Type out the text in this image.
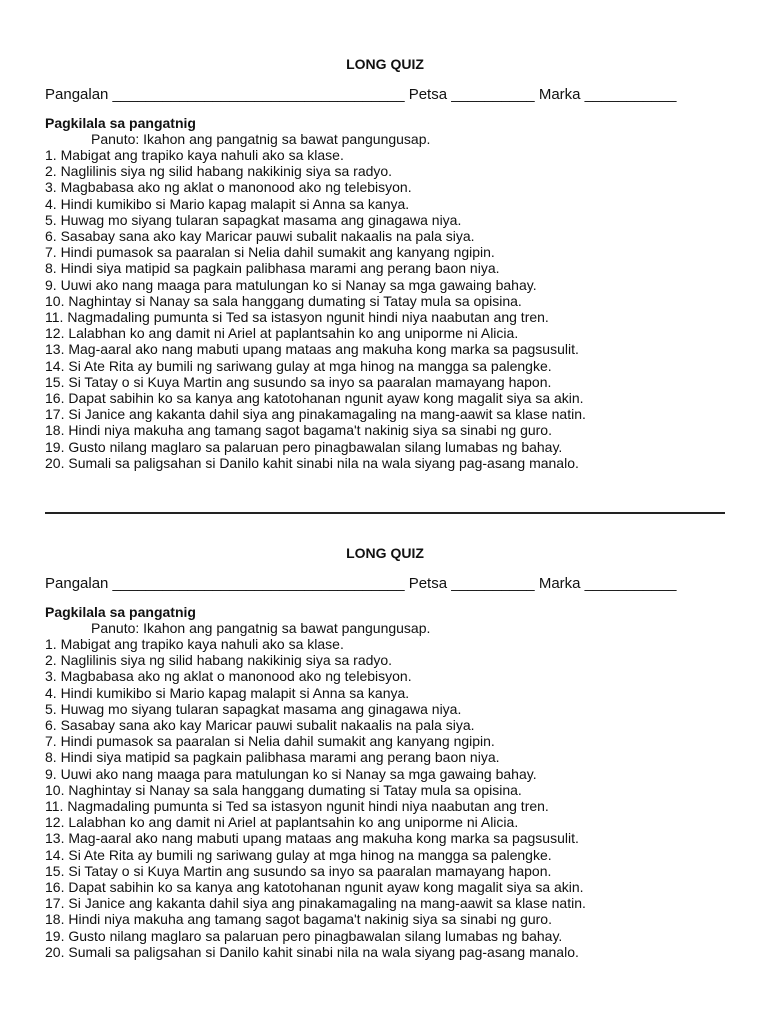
LONG QUIZ
Pangalan ___________________________________ Petsa __________ Marka ___________
Pagkilala sa pangatnig
Panuto: Ikahon ang pangatnig sa bawat pangungusap.
1. Mabigat ang trapiko kaya nahuli ako sa klase.
2. Naglilinis siya ng silid habang nakikinig siya sa radyo.
3. Magbabasa ako ng aklat o manonood ako ng telebisyon.
4. Hindi kumikibo si Mario kapag malapit si Anna sa kanya.
5. Huwag mo siyang tularan sapagkat masama ang ginagawa niya.
6. Sasabay sana ako kay Maricar pauwi subalit nakaalis na pala siya.
7. Hindi pumasok sa paaralan si Nelia dahil sumakit ang kanyang ngipin.
8. Hindi siya matipid sa pagkain palibhasa marami ang perang baon niya.
9. Uuwi ako nang maaga para matulungan ko si Nanay sa mga gawaing bahay.
10. Naghintay si Nanay sa sala hanggang dumating si Tatay mula sa opisina.
11. Nagmadaling pumunta si Ted sa istasyon ngunit hindi niya naabutan ang tren.
12. Lalabhan ko ang damit ni Ariel at paplantsahin ko ang uniporme ni Alicia.
13. Mag-aaral ako nang mabuti upang mataas ang makuha kong marka sa pagsusulit.
14. Si Ate Rita ay bumili ng sariwang gulay at mga hinog na mangga sa palengke.
15. Si Tatay o si Kuya Martin ang susundo sa inyo sa paaralan mamayang hapon.
16. Dapat sabihin ko sa kanya ang katotohanan ngunit ayaw kong magalit siya sa akin.
17. Si Janice ang kakanta dahil siya ang pinakamagaling na mang-aawit sa klase natin.
18. Hindi niya makuha ang tamang sagot bagama't nakinig siya sa sinabi ng guro.
19. Gusto nilang maglaro sa palaruan pero pinagbawalan silang lumabas ng bahay.
20. Sumali sa paligsahan si Danilo kahit sinabi nila na wala siyang pag-asang manalo.
LONG QUIZ
Pangalan ___________________________________ Petsa __________ Marka ___________
Pagkilala sa pangatnig
Panuto: Ikahon ang pangatnig sa bawat pangungusap.
1. Mabigat ang trapiko kaya nahuli ako sa klase.
2. Naglilinis siya ng silid habang nakikinig siya sa radyo.
3. Magbabasa ako ng aklat o manonood ako ng telebisyon.
4. Hindi kumikibo si Mario kapag malapit si Anna sa kanya.
5. Huwag mo siyang tularan sapagkat masama ang ginagawa niya.
6. Sasabay sana ako kay Maricar pauwi subalit nakaalis na pala siya.
7. Hindi pumasok sa paaralan si Nelia dahil sumakit ang kanyang ngipin.
8. Hindi siya matipid sa pagkain palibhasa marami ang perang baon niya.
9. Uuwi ako nang maaga para matulungan ko si Nanay sa mga gawaing bahay.
10. Naghintay si Nanay sa sala hanggang dumating si Tatay mula sa opisina.
11. Nagmadaling pumunta si Ted sa istasyon ngunit hindi niya naabutan ang tren.
12. Lalabhan ko ang damit ni Ariel at paplantsahin ko ang uniporme ni Alicia.
13. Mag-aaral ako nang mabuti upang mataas ang makuha kong marka sa pagsusulit.
14. Si Ate Rita ay bumili ng sariwang gulay at mga hinog na mangga sa palengke.
15. Si Tatay o si Kuya Martin ang susundo sa inyo sa paaralan mamayang hapon.
16. Dapat sabihin ko sa kanya ang katotohanan ngunit ayaw kong magalit siya sa akin.
17. Si Janice ang kakanta dahil siya ang pinakamagaling na mang-aawit sa klase natin.
18. Hindi niya makuha ang tamang sagot bagama't nakinig siya sa sinabi ng guro.
19. Gusto nilang maglaro sa palaruan pero pinagbawalan silang lumabas ng bahay.
20. Sumali sa paligsahan si Danilo kahit sinabi nila na wala siyang pag-asang manalo.
